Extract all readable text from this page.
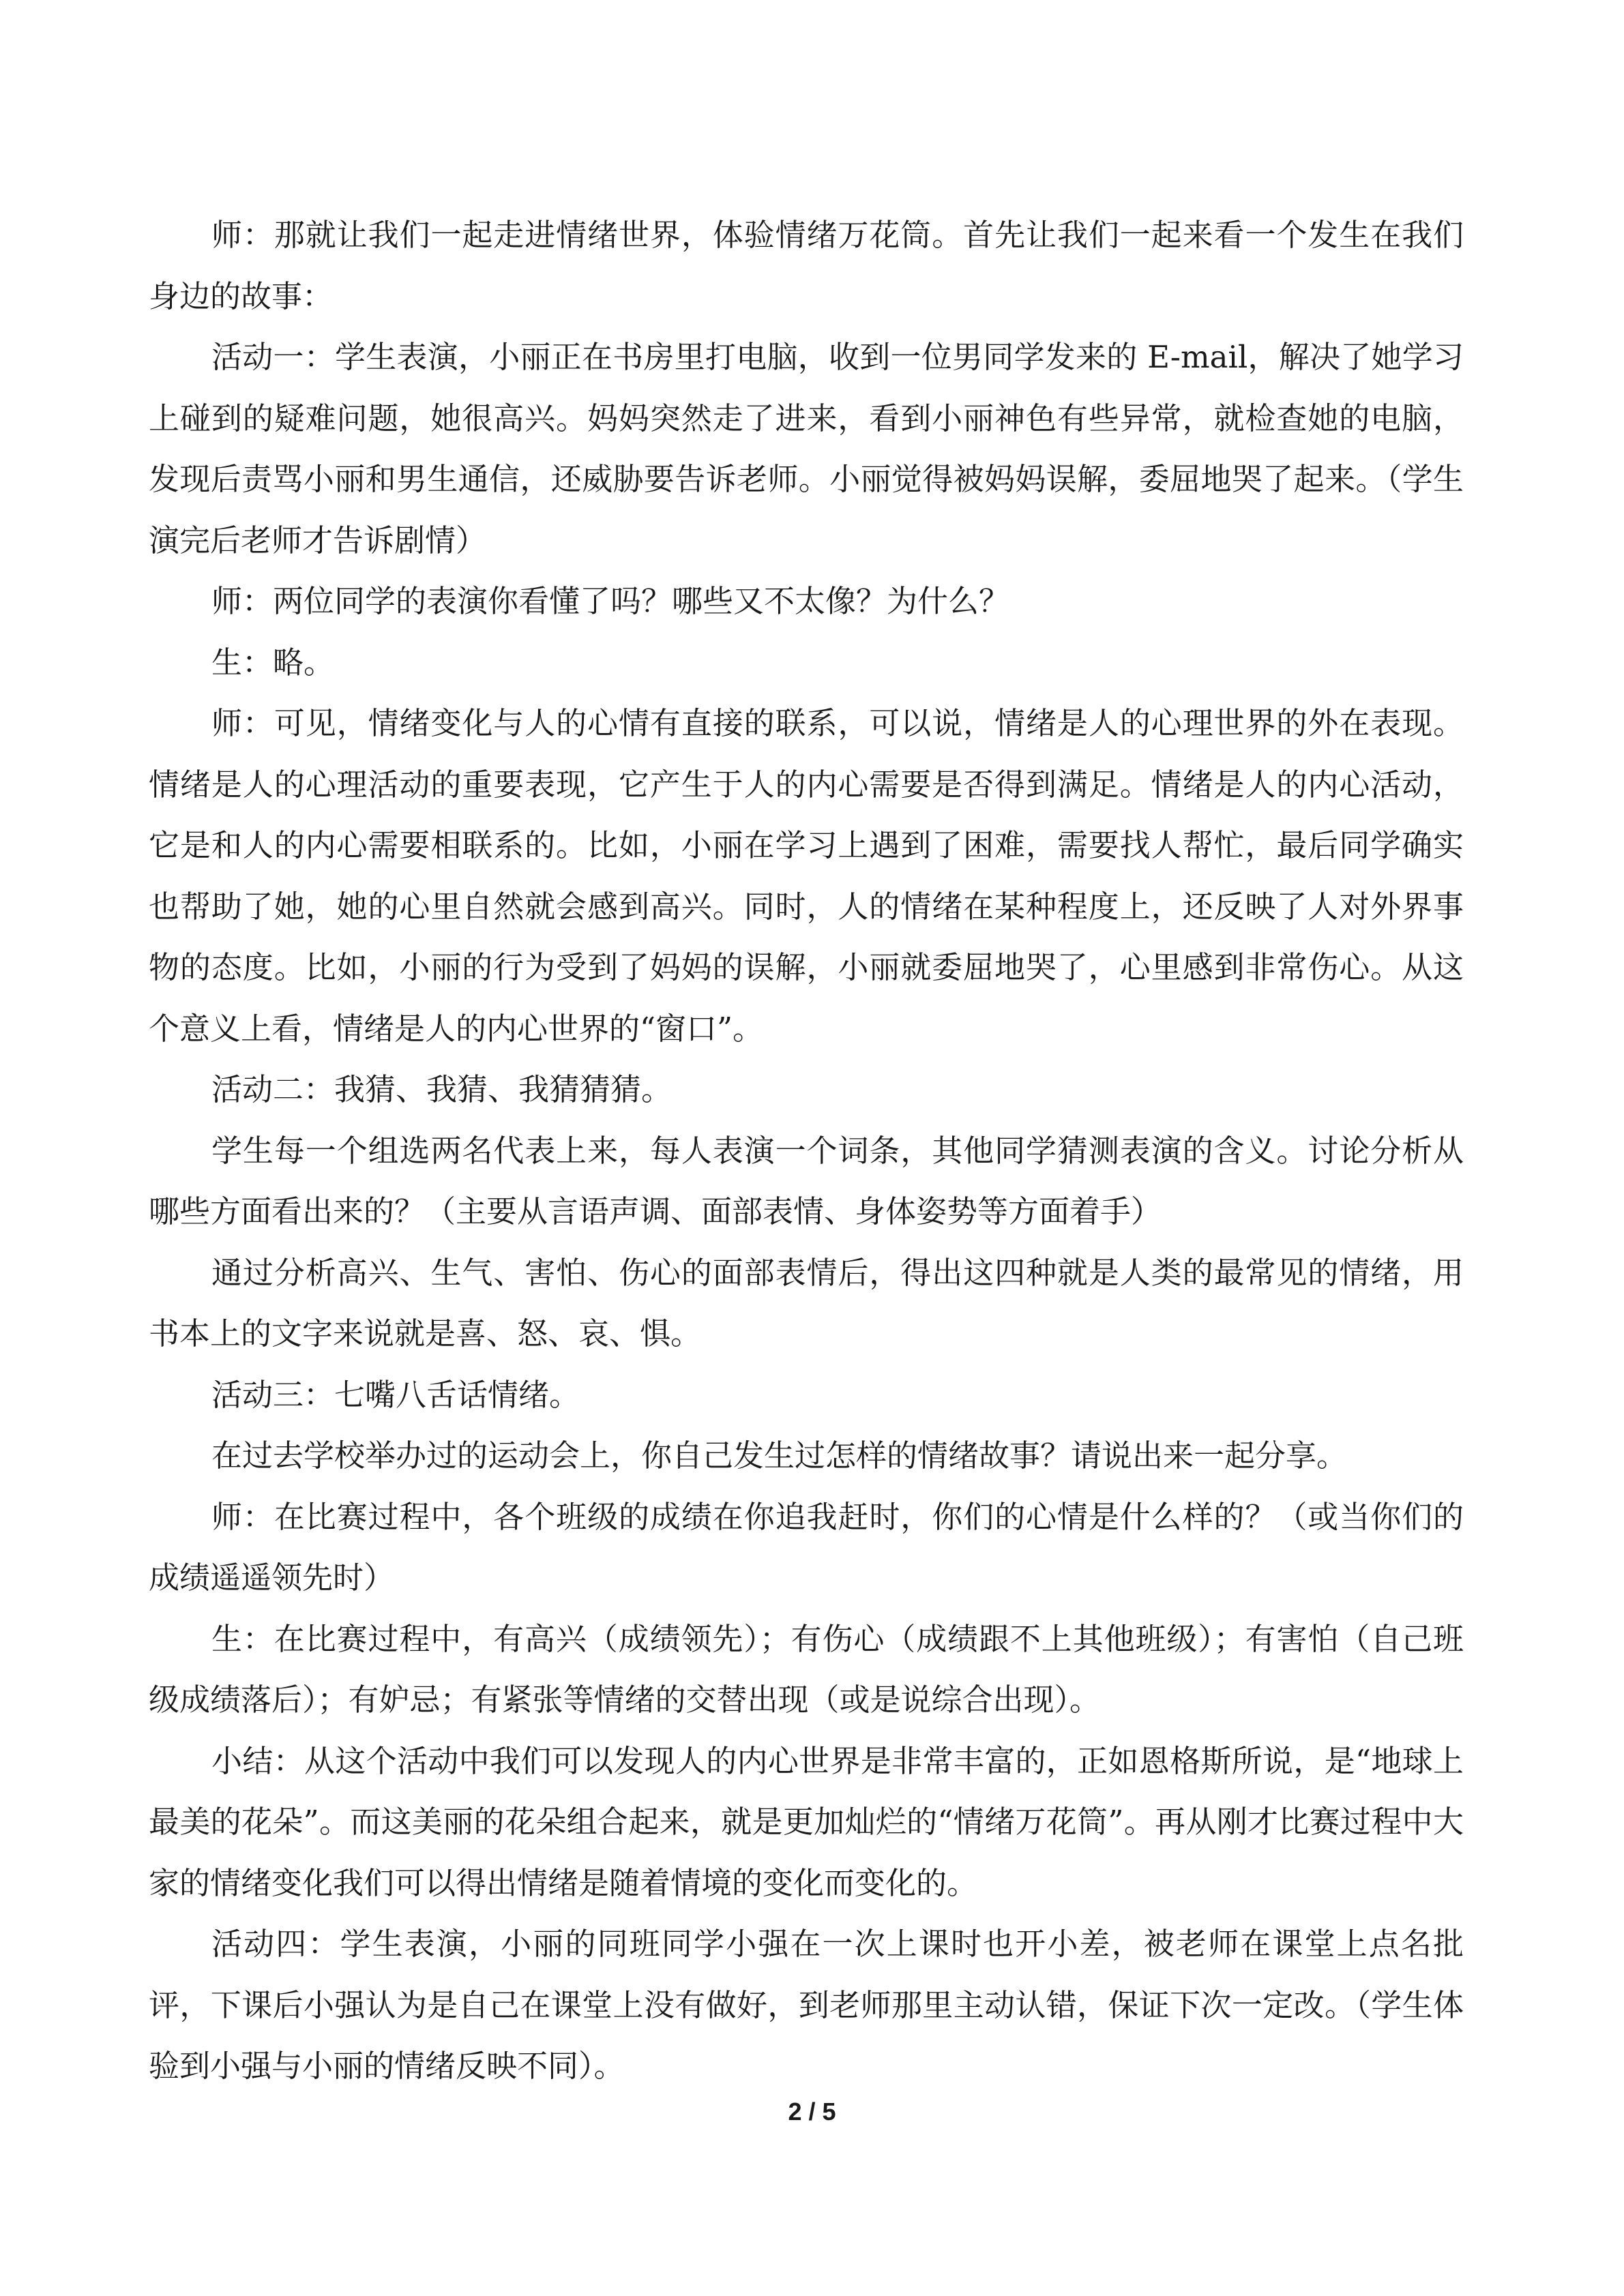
师：那就让我们一起走进情绪世界，体验情绪万花筒。首先让我们一起来看一个发生在我们身边的故事：

活动一：学生表演，小丽正在书房里打电脑，收到一位男同学发来的 E-mail，解决了她学习上碰到的疑难问题，她很高兴。妈妈突然走了进来，看到小丽神色有些异常，就检查她的电脑，发现后责骂小丽和男生通信，还威胁要告诉老师。小丽觉得被妈妈误解，委屈地哭了起来。（学生演完后老师才告诉剧情）

师：两位同学的表演你看懂了吗？哪些又不太像？为什么？

生：略。

师：可见，情绪变化与人的心情有直接的联系，可以说，情绪是人的心理世界的外在表现。情绪是人的心理活动的重要表现，它产生于人的内心需要是否得到满足。情绪是人的内心活动，它是和人的内心需要相联系的。比如，小丽在学习上遇到了困难，需要找人帮忙，最后同学确实也帮助了她，她的心里自然就会感到高兴。同时，人的情绪在某种程度上，还反映了人对外界事物的态度。比如，小丽的行为受到了妈妈的误解，小丽就委屈地哭了，心里感到非常伤心。从这个意义上看，情绪是人的内心世界的“窗口”。

活动二：我猜、我猜、我猜猜猜。

学生每一个组选两名代表上来，每人表演一个词条，其他同学猜测表演的含义。讨论分析从哪些方面看出来的？（主要从言语声调、面部表情、身体姿势等方面着手）

通过分析高兴、生气、害怕、伤心的面部表情后，得出这四种就是人类的最常见的情绪，用书本上的文字来说就是喜、怒、哀、惧。

活动三：七嘴八舌话情绪。

在过去学校举办过的运动会上，你自己发生过怎样的情绪故事？请说出来一起分享。

师：在比赛过程中，各个班级的成绩在你追我赶时，你们的心情是什么样的？（或当你们的成绩遥遥领先时）

生：在比赛过程中，有高兴（成绩领先）；有伤心（成绩跟不上其他班级）；有害怕（自己班级成绩落后）；有妒忌；有紧张等情绪的交替出现（或是说综合出现）。

小结：从这个活动中我们可以发现人的内心世界是非常丰富的，正如恩格斯所说，是“地球上最美的花朵”。而这美丽的花朵组合起来，就是更加灿烂的“情绪万花筒”。再从刚才比赛过程中大家的情绪变化我们可以得出情绪是随着情境的变化而变化的。

活动四：学生表演，小丽的同班同学小强在一次上课时也开小差，被老师在课堂上点名批评，下课后小强认为是自己在课堂上没有做好，到老师那里主动认错，保证下次一定改。（学生体验到小强与小丽的情绪反映不同）。

2 / 5
